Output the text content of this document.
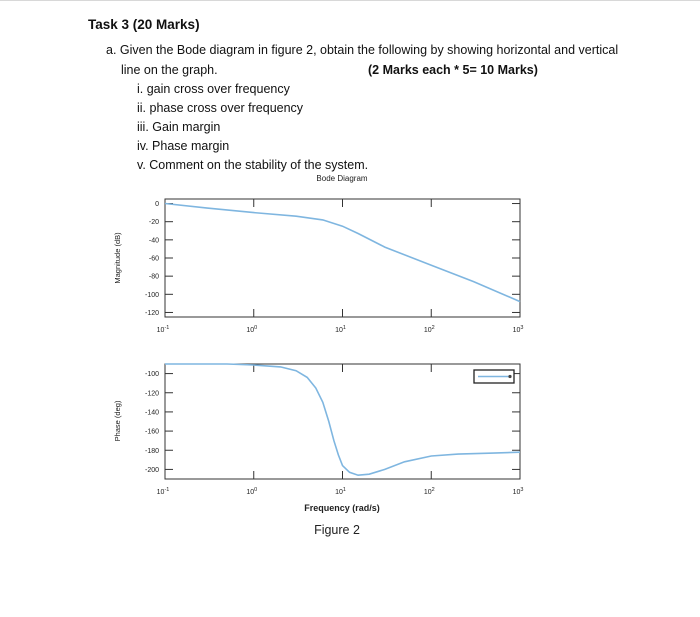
Task 3 (20 Marks)
a. Given the Bode diagram in figure 2, obtain the following by showing horizontal and vertical
line on the graph.	(2 Marks each * 5= 10 Marks)
i. gain cross over frequency
ii. phase cross over frequency
iii. Gain margin
iv. Phase margin
v. Comment on the stability of the system.
Bode Diagram
0
-20
-40
-60
-80
-100
-120
$10^{-1}$	$10^0$	$10^1$	$10^2$	$10^3$
Magnitude (dB)
-100
-120
-140
-160
-180
-200
$10^{-1}$	$10^0$	$10^1$	$10^2$	$10^3$
Phase (deg)
Frequency (rad/s)
Figure 2
